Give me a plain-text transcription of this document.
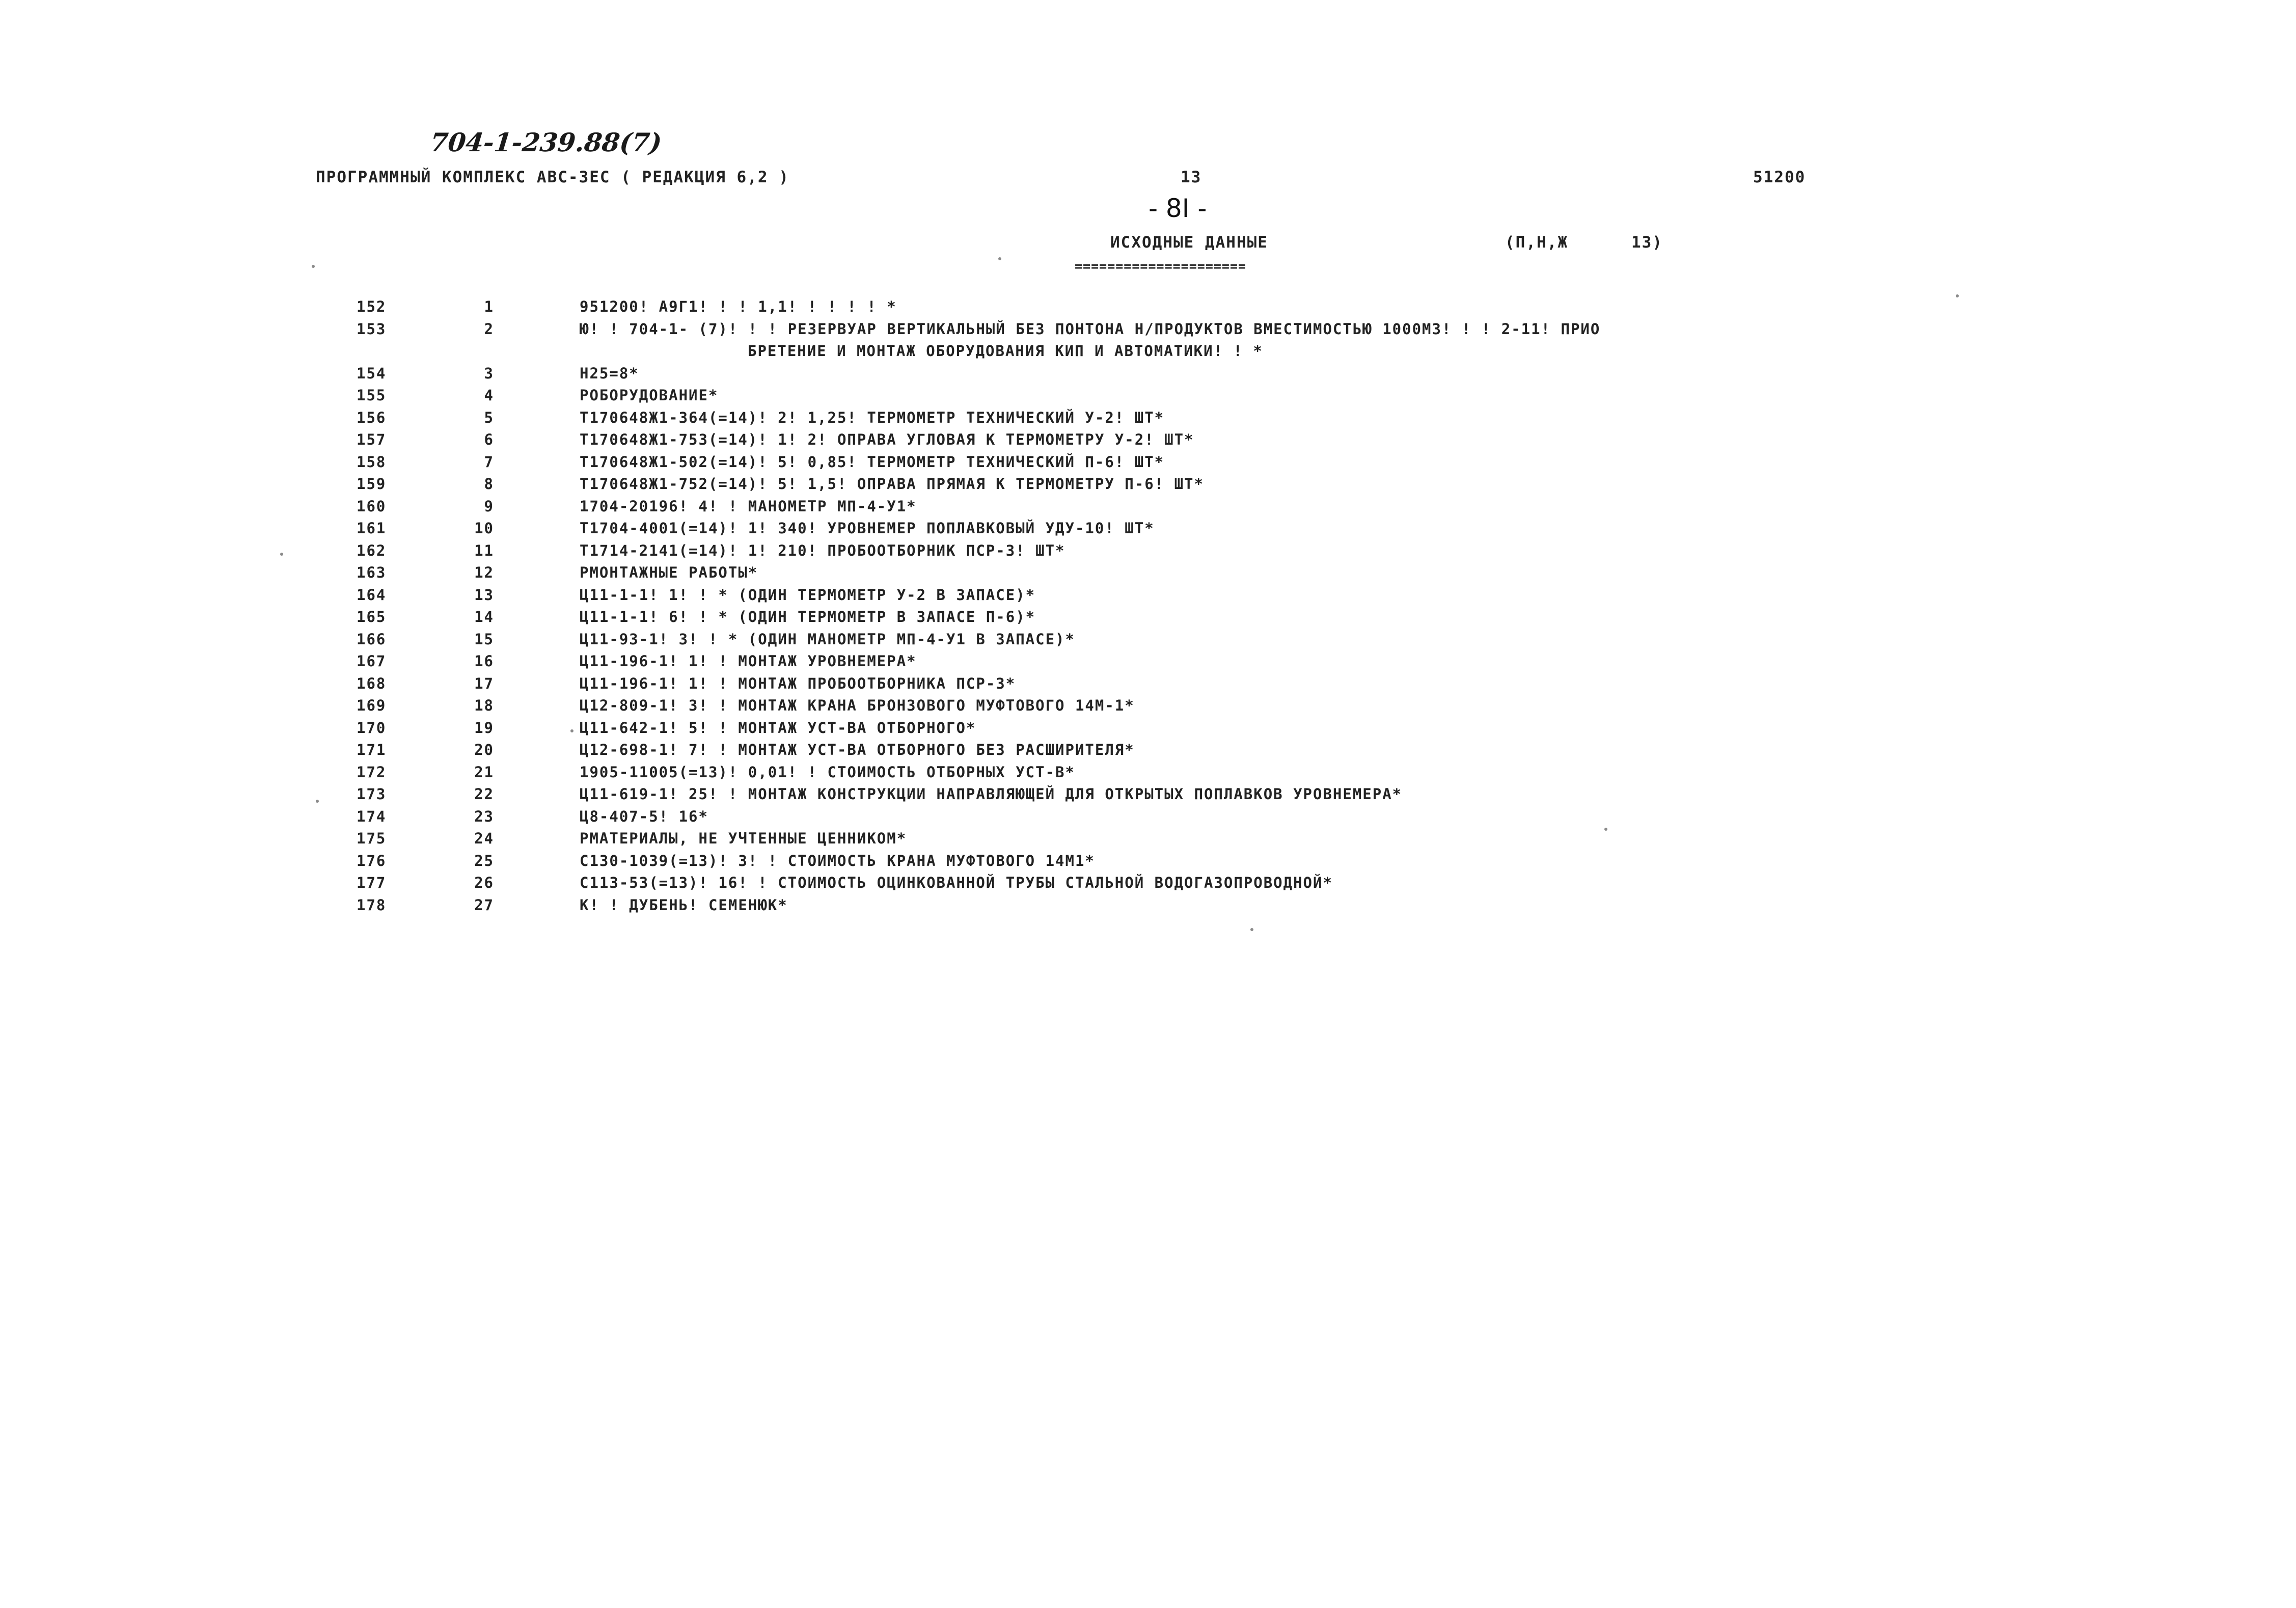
704-1-239.88(7)
ПРОГРАММНЫЙ КОМПЛЕКС АВС-3ЕС ( РЕДАКЦИЯ 6,2 )	13	51200
- 8I -
ИСХОДНЫЕ ДАННЫЕ
=====================
(П,Н,Ж      13)
152	1	951200! А9Г1! ! ! 1,1! ! ! ! ! *
153	2	Ю! ! 704-1- (7)! ! ! РЕЗЕРВУАР ВЕРТИКАЛЬНЫЙ БЕЗ ПОНТОНА Н/ПРОДУКТОВ ВМЕСТИМОСТЬЮ 1000М3! ! ! 2-11! ПРИО
БРЕТЕНИЕ И МОНТАЖ ОБОРУДОВАНИЯ КИП И АВТОМАТИКИ! ! *
154	3	Н25=8*
155	4	РОБОРУДОВАНИЕ*
156	5	Т170648Ж1-364(=14)! 2! 1,25! ТЕРМОМЕТР ТЕХНИЧЕСКИЙ У-2! ШТ*
157	6	Т170648Ж1-753(=14)! 1! 2! ОПРАВА УГЛОВАЯ К ТЕРМОМЕТРУ У-2! ШТ*
158	7	Т170648Ж1-502(=14)! 5! 0,85! ТЕРМОМЕТР ТЕХНИЧЕСКИЙ П-6! ШТ*
159	8	Т170648Ж1-752(=14)! 5! 1,5! ОПРАВА ПРЯМАЯ К ТЕРМОМЕТРУ П-6! ШТ*
160	9	1704-20196! 4! ! МАНОМЕТР МП-4-У1*
161	10	Т1704-4001(=14)! 1! 340! УРОВНЕМЕР ПОПЛАВКОВЫЙ УДУ-10! ШТ*
162	11	Т1714-2141(=14)! 1! 210! ПРОБООТБОРНИК ПСР-3! ШТ*
163	12	РМОНТАЖНЫЕ РАБОТЫ*
164	13	Ц11-1-1! 1! ! * (ОДИН ТЕРМОМЕТР У-2 В ЗАПАСЕ)*
165	14	Ц11-1-1! 6! ! * (ОДИН ТЕРМОМЕТР В ЗАПАСЕ П-6)*
166	15	Ц11-93-1! 3! ! * (ОДИН МАНОМЕТР МП-4-У1 В ЗАПАСЕ)*
167	16	Ц11-196-1! 1! ! МОНТАЖ УРОВНЕМЕРА*
168	17	Ц11-196-1! 1! ! МОНТАЖ ПРОБООТБОРНИКА ПСР-3*
169	18	Ц12-809-1! 3! ! МОНТАЖ КРАНА БРОНЗОВОГО МУФТОВОГО 14М-1*
170	19	Ц11-642-1! 5! ! МОНТАЖ УСТ-ВА ОТБОРНОГО*
171	20	Ц12-698-1! 7! ! МОНТАЖ УСТ-ВА ОТБОРНОГО БЕЗ РАСШИРИТЕЛЯ*
172	21	1905-11005(=13)! 0,01! ! СТОИМОСТЬ ОТБОРНЫХ УСТ-В*
173	22	Ц11-619-1! 25! ! МОНТАЖ КОНСТРУКЦИИ НАПРАВЛЯЮЩЕЙ ДЛЯ ОТКРЫТЫХ ПОПЛАВКОВ УРОВНЕМЕРА*
174	23	Ц8-407-5! 16*
175	24	РМАТЕРИАЛЫ, НЕ УЧТЕННЫЕ ЦЕННИКОМ*
176	25	С130-1039(=13)! 3! ! СТОИМОСТЬ КРАНА МУФТОВОГО 14М1*
177	26	С113-53(=13)! 16! ! СТОИМОСТЬ ОЦИНКОВАННОЙ ТРУБЫ СТАЛЬНОЙ ВОДОГАЗОПРОВОДНОЙ*
178	27	К! ! ДУБЕНЬ! СЕМЕНЮК*
